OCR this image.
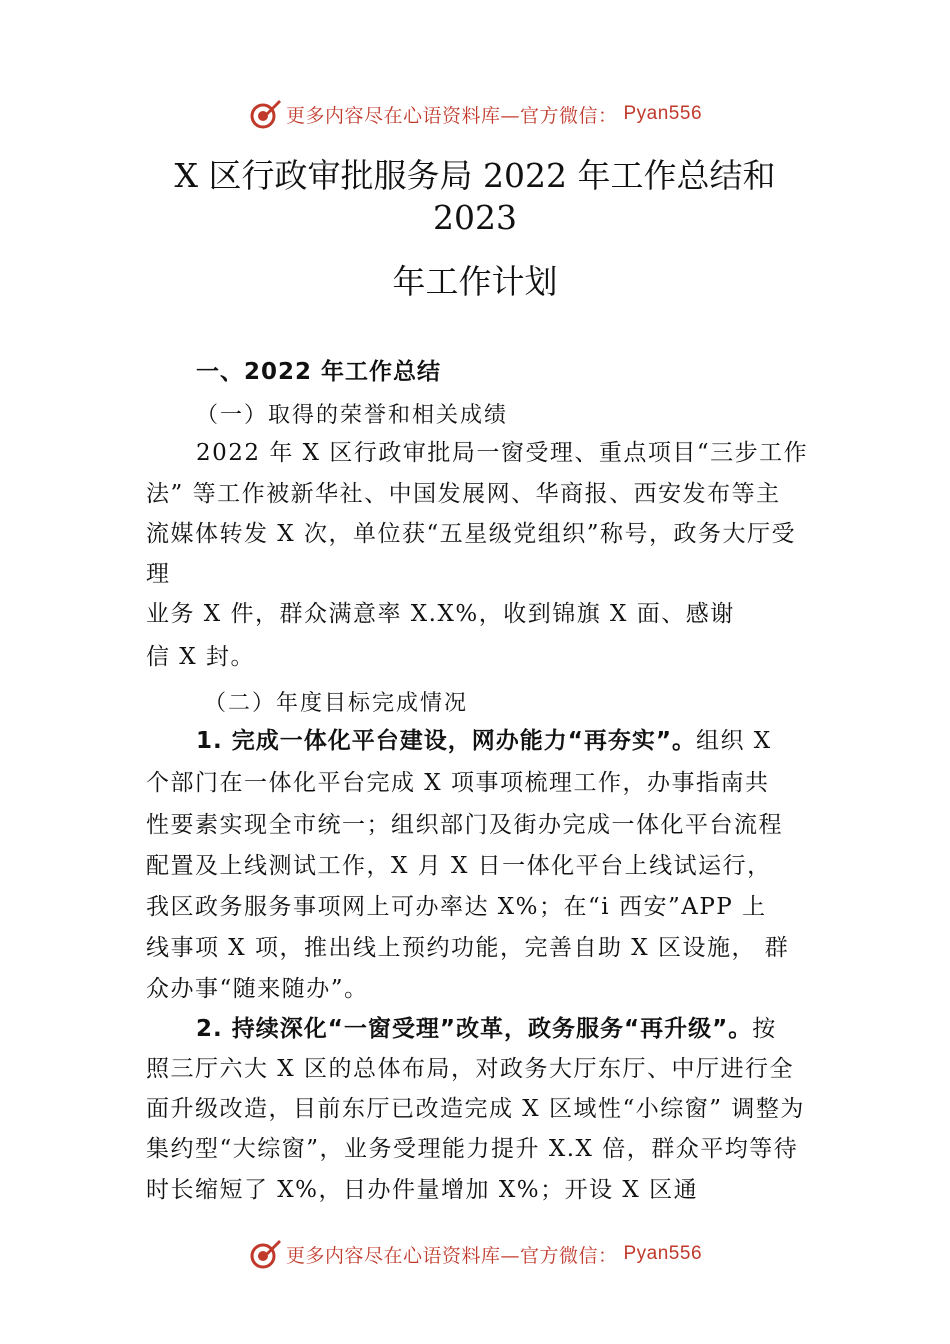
更多内容尽在心语资料库—官方微信： Pyan556
X 区行政审批服务局 2022 年工作总结和
2023
年工作计划
一、2022 年工作总结
（一）取得的荣誉和相关成绩
2022 年 X 区行政审批局一窗受理、重点项目“三步工作
法” 等工作被新华社、中国发展网、华商报、西安发布等主
流媒体转发 X 次，单位获“五星级党组织”称号，政务大厅受
理
业务 X 件，群众满意率 X.X%，收到锦旗 X 面、感谢
信 X 封。
（二）年度目标完成情况
1. 完成一体化平台建设，网办能力“再夯实”。组织 X
个部门在一体化平台完成 X 项事项梳理工作，办事指南共
性要素实现全市统一；组织部门及街办完成一体化平台流程
配置及上线测试工作，X 月 X 日一体化平台上线试运行，
我区政务服务事项网上可办率达 X%；在“i 西安”APP 上
线事项 X 项，推出线上预约功能，完善自助 X 区设施， 群
众办事“随来随办”。
2. 持续深化“一窗受理”改革，政务服务“再升级”。按
照三厅六大 X 区的总体布局，对政务大厅东厅、中厅进行全
面升级改造，目前东厅已改造完成 X 区域性“小综窗” 调整为
集约型“大综窗”，业务受理能力提升 X.X 倍，群众平均等待
时长缩短了 X%，日办件量增加 X%；开设 X 区通
更多内容尽在心语资料库—官方微信： Pyan556
